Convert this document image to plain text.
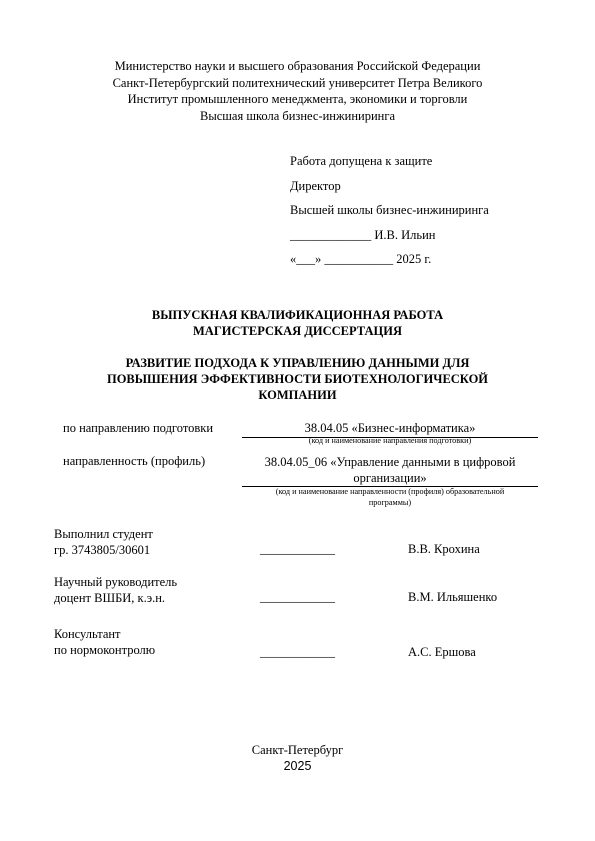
Министерство науки и высшего образования Российской Федерации
Санкт-Петербургский политехнический университет Петра Великого
Институт промышленного менеджмента, экономики и торговли
Высшая школа бизнес-инжиниринга
Работа допущена к защите
Директор
Высшей школы бизнес-инжиниринга
_____________ И.В. Ильин
«___» ___________ 2025 г.
ВЫПУСКНАЯ КВАЛИФИКАЦИОННАЯ РАБОТА
МАГИСТЕРСКАЯ ДИССЕРТАЦИЯ
РАЗВИТИЕ ПОДХОДА К УПРАВЛЕНИЮ ДАННЫМИ ДЛЯ
ПОВЫШЕНИЯ ЭФФЕКТИВНОСТИ БИОТЕХНОЛОГИЧЕСКОЙ
КОМПАНИИ
по направлению подготовки	38.04.05 «Бизнес-информатика»
(код и наименование направления подготовки)
направленность (профиль)	38.04.05_06 «Управление данными в цифровой
организации»
(код и наименование направленности (профиля) образовательной
программы)
Выполнил студент
гр. 3743805/30601	____________	В.В. Крохина
Научный руководитель
доцент ВШБИ, к.э.н.	____________	В.М. Ильяшенко
Консультант
по нормоконтролю	____________	А.С. Ершова
Санкт-Петербург
2025
